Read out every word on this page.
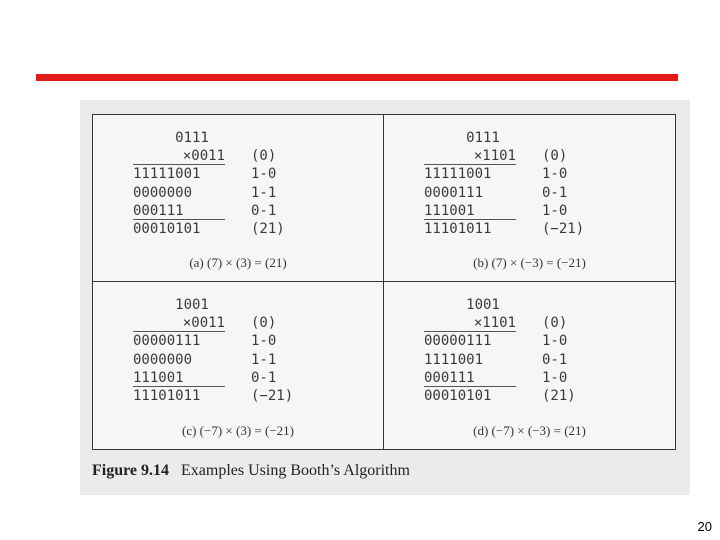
0111
×0011 (0)
11111001	1-0
0000000	1-1
000111	0-1
00010101	(21)
(a) (7) × (3) = (21)
0111
×1101 (0)
11111001	1-0
0000111	0-1
111001	1-0
11101011	(−21)
(b) (7) × (−3) = (−21)
1001
×0011 (0)
00000111	1-0
0000000	1-1
111001	0-1
11101011	(−21)
(c) (−7) × (3) = (−21)
1001
×1101 (0)
00000111	1-0
1111001	0-1
000111	1-0
00010101	(21)
(d) (−7) × (−3) = (21)
Figure 9.14 Examples Using Booth’s Algorithm
20
